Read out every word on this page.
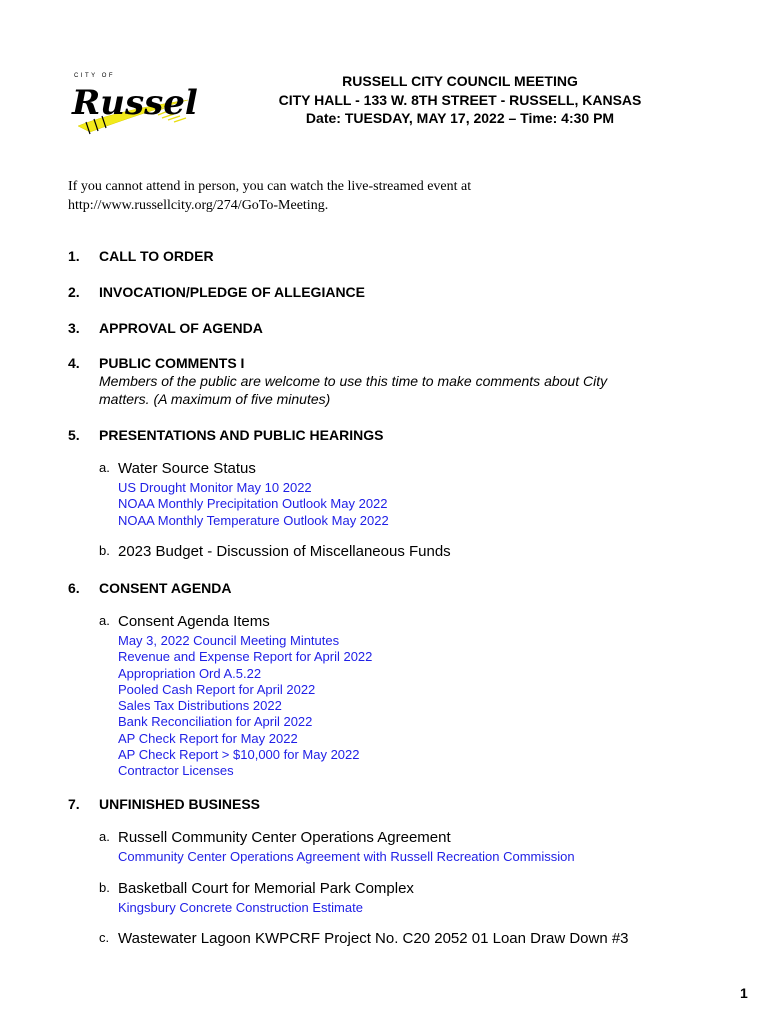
CITY OF
Russell
RUSSELL CITY COUNCIL MEETING
CITY HALL - 133 W. 8TH STREET - RUSSELL, KANSAS
Date: TUESDAY, MAY 17, 2022 – Time: 4:30 PM
If you cannot attend in person, you can watch the live-streamed event at
http://www.russellcity.org/274/GoTo-Meeting.
1. CALL TO ORDER
2. INVOCATION/PLEDGE OF ALLEGIANCE
3. APPROVAL OF AGENDA
4. PUBLIC COMMENTS I
Members of the public are welcome to use this time to make comments about City
matters. (A maximum of five minutes)
5. PRESENTATIONS AND PUBLIC HEARINGS
a. Water Source Status
US Drought Monitor May 10 2022
NOAA Monthly Precipitation Outlook May 2022
NOAA Monthly Temperature Outlook May 2022
b. 2023 Budget - Discussion of Miscellaneous Funds
6. CONSENT AGENDA
a. Consent Agenda Items
May 3, 2022 Council Meeting Mintutes
Revenue and Expense Report for April 2022
Appropriation Ord A.5.22
Pooled Cash Report for April 2022
Sales Tax Distributions 2022
Bank Reconciliation for April 2022
AP Check Report for May 2022
AP Check Report > $10,000 for May 2022
Contractor Licenses
7. UNFINISHED BUSINESS
a. Russell Community Center Operations Agreement
Community Center Operations Agreement with Russell Recreation Commission
b. Basketball Court for Memorial Park Complex
Kingsbury Concrete Construction Estimate
c. Wastewater Lagoon KWPCRF Project No. C20 2052 01 Loan Draw Down #3
1
